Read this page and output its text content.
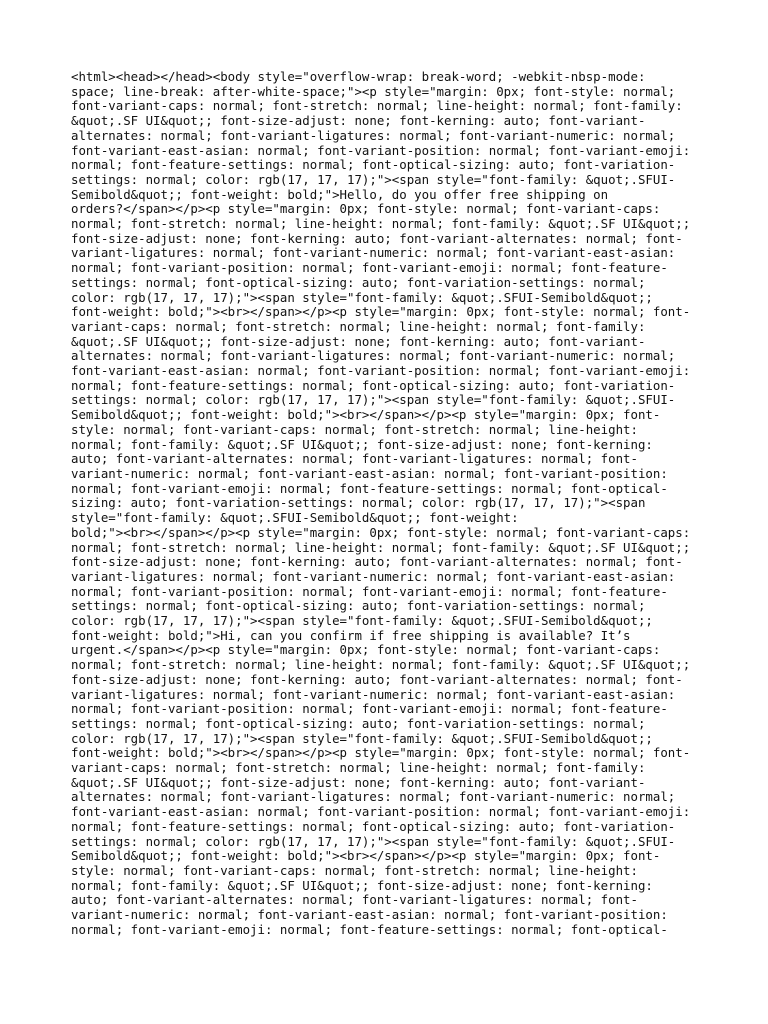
<html><head></head><body style="overflow-wrap: break-word; -webkit-nbsp-mode:
space; line-break: after-white-space;"><p style="margin: 0px; font-style: normal;
font-variant-caps: normal; font-stretch: normal; line-height: normal; font-family:
&quot;.SF UI&quot;; font-size-adjust: none; font-kerning: auto; font-variant-
alternates: normal; font-variant-ligatures: normal; font-variant-numeric: normal;
font-variant-east-asian: normal; font-variant-position: normal; font-variant-emoji:
normal; font-feature-settings: normal; font-optical-sizing: auto; font-variation-
settings: normal; color: rgb(17, 17, 17);"><span style="font-family: &quot;.SFUI-
Semibold&quot;; font-weight: bold;">Hello, do you offer free shipping on
orders?</span></p><p style="margin: 0px; font-style: normal; font-variant-caps:
normal; font-stretch: normal; line-height: normal; font-family: &quot;.SF UI&quot;;
font-size-adjust: none; font-kerning: auto; font-variant-alternates: normal; font-
variant-ligatures: normal; font-variant-numeric: normal; font-variant-east-asian:
normal; font-variant-position: normal; font-variant-emoji: normal; font-feature-
settings: normal; font-optical-sizing: auto; font-variation-settings: normal;
color: rgb(17, 17, 17);"><span style="font-family: &quot;.SFUI-Semibold&quot;;
font-weight: bold;"><br></span></p><p style="margin: 0px; font-style: normal; font-
variant-caps: normal; font-stretch: normal; line-height: normal; font-family:
&quot;.SF UI&quot;; font-size-adjust: none; font-kerning: auto; font-variant-
alternates: normal; font-variant-ligatures: normal; font-variant-numeric: normal;
font-variant-east-asian: normal; font-variant-position: normal; font-variant-emoji:
normal; font-feature-settings: normal; font-optical-sizing: auto; font-variation-
settings: normal; color: rgb(17, 17, 17);"><span style="font-family: &quot;.SFUI-
Semibold&quot;; font-weight: bold;"><br></span></p><p style="margin: 0px; font-
style: normal; font-variant-caps: normal; font-stretch: normal; line-height:
normal; font-family: &quot;.SF UI&quot;; font-size-adjust: none; font-kerning:
auto; font-variant-alternates: normal; font-variant-ligatures: normal; font-
variant-numeric: normal; font-variant-east-asian: normal; font-variant-position:
normal; font-variant-emoji: normal; font-feature-settings: normal; font-optical-
sizing: auto; font-variation-settings: normal; color: rgb(17, 17, 17);"><span
style="font-family: &quot;.SFUI-Semibold&quot;; font-weight:
bold;"><br></span></p><p style="margin: 0px; font-style: normal; font-variant-caps:
normal; font-stretch: normal; line-height: normal; font-family: &quot;.SF UI&quot;;
font-size-adjust: none; font-kerning: auto; font-variant-alternates: normal; font-
variant-ligatures: normal; font-variant-numeric: normal; font-variant-east-asian:
normal; font-variant-position: normal; font-variant-emoji: normal; font-feature-
settings: normal; font-optical-sizing: auto; font-variation-settings: normal;
color: rgb(17, 17, 17);"><span style="font-family: &quot;.SFUI-Semibold&quot;;
font-weight: bold;">Hi, can you confirm if free shipping is available? It’s
urgent.</span></p><p style="margin: 0px; font-style: normal; font-variant-caps:
normal; font-stretch: normal; line-height: normal; font-family: &quot;.SF UI&quot;;
font-size-adjust: none; font-kerning: auto; font-variant-alternates: normal; font-
variant-ligatures: normal; font-variant-numeric: normal; font-variant-east-asian:
normal; font-variant-position: normal; font-variant-emoji: normal; font-feature-
settings: normal; font-optical-sizing: auto; font-variation-settings: normal;
color: rgb(17, 17, 17);"><span style="font-family: &quot;.SFUI-Semibold&quot;;
font-weight: bold;"><br></span></p><p style="margin: 0px; font-style: normal; font-
variant-caps: normal; font-stretch: normal; line-height: normal; font-family:
&quot;.SF UI&quot;; font-size-adjust: none; font-kerning: auto; font-variant-
alternates: normal; font-variant-ligatures: normal; font-variant-numeric: normal;
font-variant-east-asian: normal; font-variant-position: normal; font-variant-emoji:
normal; font-feature-settings: normal; font-optical-sizing: auto; font-variation-
settings: normal; color: rgb(17, 17, 17);"><span style="font-family: &quot;.SFUI-
Semibold&quot;; font-weight: bold;"><br></span></p><p style="margin: 0px; font-
style: normal; font-variant-caps: normal; font-stretch: normal; line-height:
normal; font-family: &quot;.SF UI&quot;; font-size-adjust: none; font-kerning:
auto; font-variant-alternates: normal; font-variant-ligatures: normal; font-
variant-numeric: normal; font-variant-east-asian: normal; font-variant-position:
normal; font-variant-emoji: normal; font-feature-settings: normal; font-optical-
